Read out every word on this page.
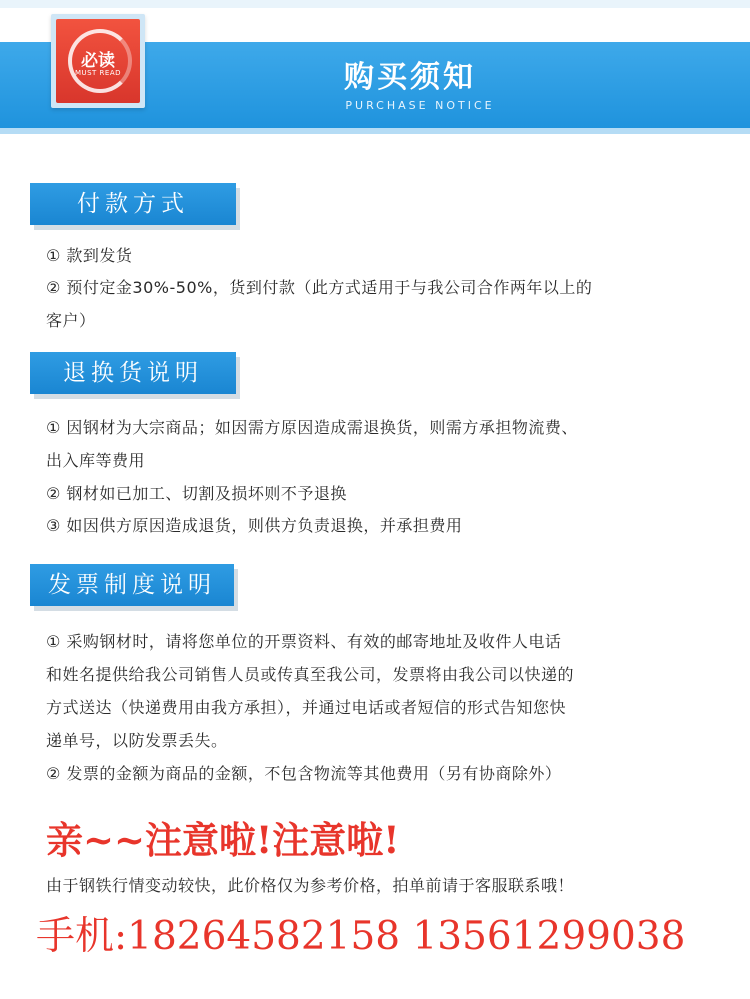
购买须知
PURCHASE NOTICE
必读
MUST READ
付款方式
① 款到发货
② 预付定金30%-50%，货到付款（此方式适用于与我公司合作两年以上的
客户）
退换货说明
① 因钢材为大宗商品；如因需方原因造成需退换货，则需方承担物流费、
出入库等费用
② 钢材如已加工、切割及损坏则不予退换
③ 如因供方原因造成退货，则供方负责退换，并承担费用
发票制度说明
① 采购钢材时，请将您单位的开票资料、有效的邮寄地址及收件人电话
和姓名提供给我公司销售人员或传真至我公司，发票将由我公司以快递的
方式送达（快递费用由我方承担），并通过电话或者短信的形式告知您快
递单号，以防发票丢失。
② 发票的金额为商品的金额，不包含物流等其他费用（另有协商除外）
亲~~注意啦!注意啦!
由于钢铁行情变动较快，此价格仅为参考价格，拍单前请于客服联系哦！
手机:18264582158 13561299038
